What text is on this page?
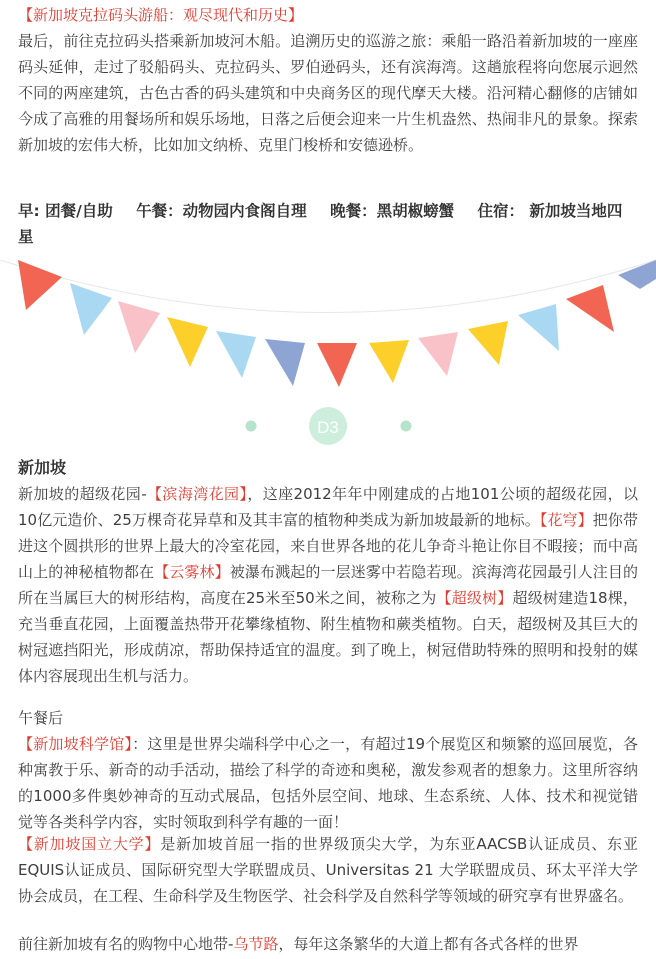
【新加坡克拉码头游船：观尽现代和历史】

最后，前往克拉码头搭乘新加坡河木船。追溯历史的巡游之旅：乘船一路沿着新加坡的一座座码头延伸，走过了驳船码头、克拉码头、罗伯逊码头，还有滨海湾。这趟旅程将向您展示迥然不同的两座建筑，古色古香的码头建筑和中央商务区的现代摩天大楼。沿河精心翻修的店铺如今成了高雅的用餐场所和娱乐场地，日落之后便会迎来一片生机盎然、热闹非凡的景象。探索新加坡的宏伟大桥，比如加文纳桥、克里门梭桥和安德逊桥。

早: 团餐/自助 午餐：动物园内食阁自理 晚餐：黑胡椒螃蟹 住宿： 新加坡当地四星
D3
新加坡

新加坡的超级花园-【滨海湾花园】，这座2012年年中刚建成的占地101公顷的超级花园，以10亿元造价、25万棵奇花异草和及其丰富的植物种类成为新加坡最新的地标。【花穹】把你带进这个圆拱形的世界上最大的冷室花园，来自世界各地的花儿争奇斗艳让你目不暇接；而中高山上的神秘植物都在【云雾林】被瀑布溅起的一层迷雾中若隐若现。滨海湾花园最引人注目的所在当属巨大的树形结构，高度在25米至50米之间，被称之为【超级树】超级树建造18棵，充当垂直花园，上面覆盖热带开花攀缘植物、附生植物和蕨类植物。白天，超级树及其巨大的树冠遮挡阳光，形成荫凉，帮助保持适宜的温度。到了晚上，树冠借助特殊的照明和投射的媒体内容展现出生机与活力。

午餐后

【新加坡科学馆】：这里是世界尖端科学中心之一，有超过19个展览区和频繁的巡回展览，各种寓教于乐、新奇的动手活动，描绘了科学的奇迹和奥秘，激发参观者的想象力。这里所容纳的1000多件奥妙神奇的互动式展品，包括外层空间、地球、生态系统、人体、技术和视觉错觉等各类科学内容，实时领取到科学有趣的一面！

【新加坡国立大学】是新加坡首屈一指的世界级顶尖大学，为东亚AACSB认证成员、东亚EQUIS认证成员、国际研究型大学联盟成员、Universitas 21 大学联盟成员、环太平洋大学协会成员，在工程、生命科学及生物医学、社会科学及自然科学等领域的研究享有世界盛名。

前往新加坡有名的购物中心地带-乌节路，每年这条繁华的大道上都有各式各样的世界
